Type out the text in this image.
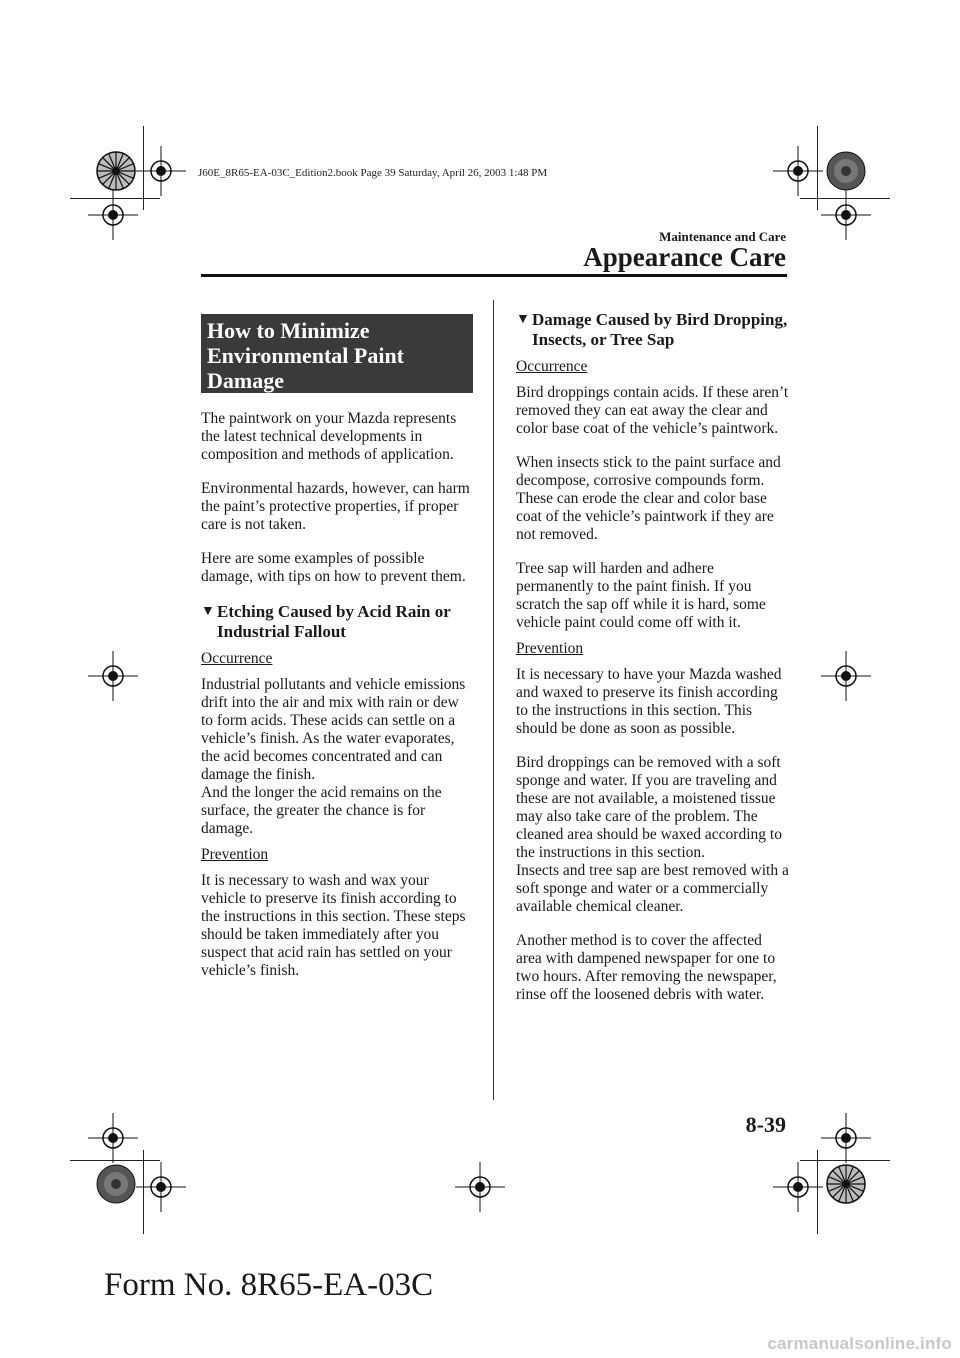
J60E_8R65-EA-03C_Edition2.book Page 39 Saturday, April 26, 2003 1:48 PM
Maintenance and Care
Appearance Care
How to Minimize
Environmental Paint
Damage

The paintwork on your Mazda represents the latest technical developments in composition and methods of application.

Environmental hazards, however, can harm the paint’s protective properties, if proper care is not taken.

Here are some examples of possible damage, with tips on how to prevent them.

▼ Etching Caused by Acid Rain or Industrial Fallout
Occurrence

Industrial pollutants and vehicle emissions drift into the air and mix with rain or dew to form acids. These acids can settle on a vehicle’s finish. As the water evaporates, the acid becomes concentrated and can damage the finish.

And the longer the acid remains on the surface, the greater the chance is for damage.

Prevention

It is necessary to wash and wax your vehicle to preserve its finish according to the instructions in this section. These steps should be taken immediately after you suspect that acid rain has settled on your vehicle’s finish.

▼ Damage Caused by Bird Dropping, Insects, or Tree Sap
Occurrence

Bird droppings contain acids. If these aren’t removed they can eat away the clear and color base coat of the vehicle’s paintwork.

When insects stick to the paint surface and decompose, corrosive compounds form. These can erode the clear and color base coat of the vehicle’s paintwork if they are not removed.

Tree sap will harden and adhere permanently to the paint finish. If you scratch the sap off while it is hard, some vehicle paint could come off with it.

Prevention

It is necessary to have your Mazda washed and waxed to preserve its finish according to the instructions in this section. This should be done as soon as possible.

Bird droppings can be removed with a soft sponge and water. If you are traveling and these are not available, a moistened tissue may also take care of the problem. The cleaned area should be waxed according to the instructions in this section.

Insects and tree sap are best removed with a soft sponge and water or a commercially available chemical cleaner.

Another method is to cover the affected area with dampened newspaper for one to two hours. After removing the newspaper, rinse off the loosened debris with water.

8-39
Form No. 8R65-EA-03C
carmanualsonline.info
